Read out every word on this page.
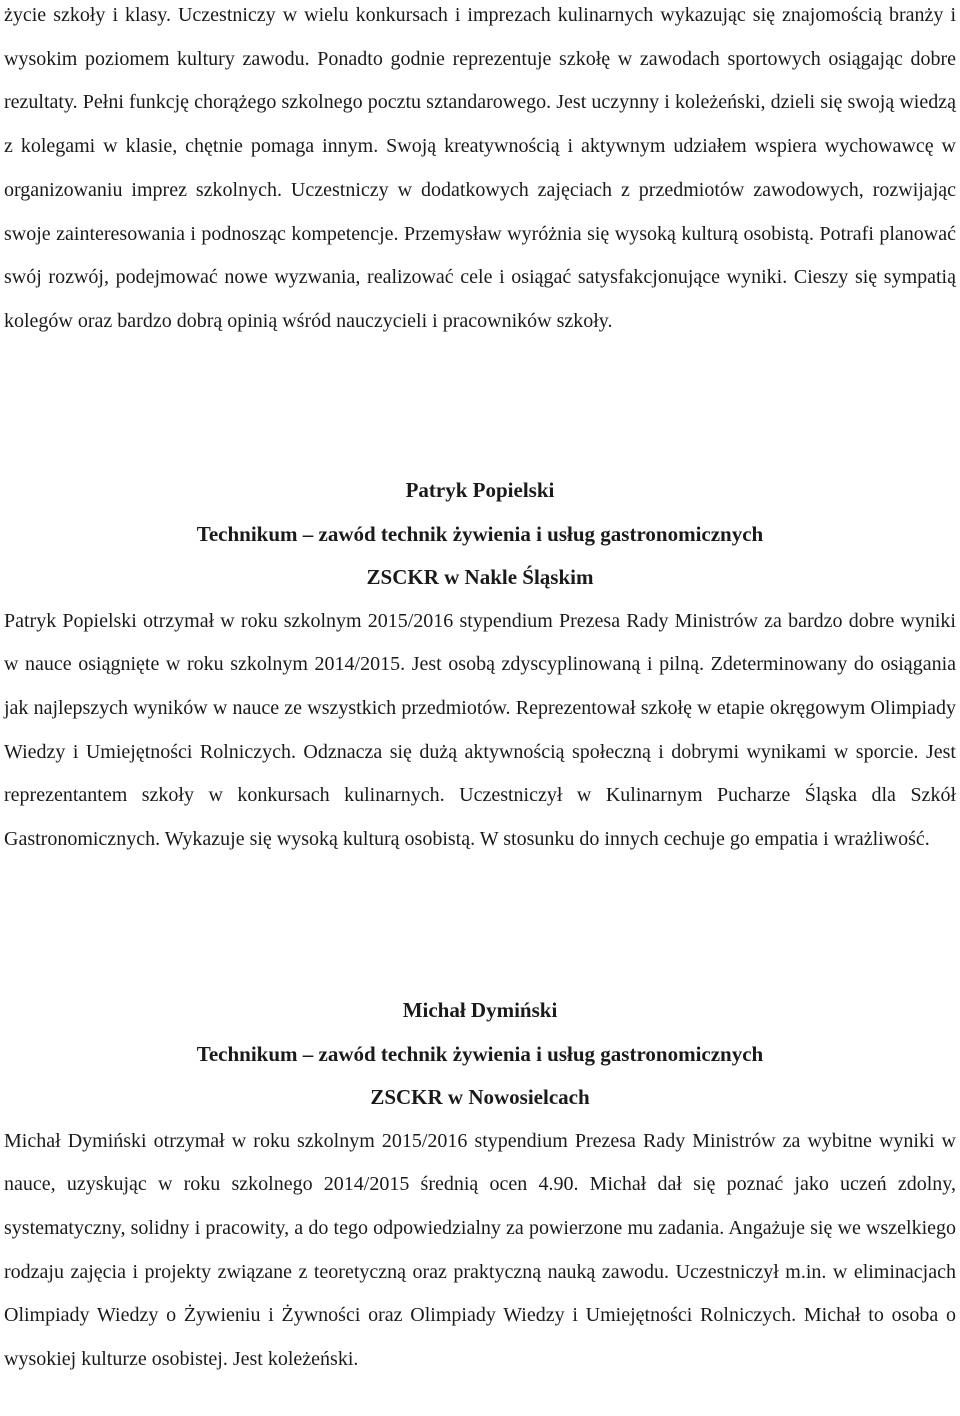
życie szkoły i klasy. Uczestniczy w wielu konkursach i imprezach kulinarnych wykazując się znajomością branży i wysokim poziomem kultury zawodu. Ponadto godnie reprezentuje szkołę w zawodach sportowych osiągając dobre rezultaty. Pełni funkcję chorążego szkolnego pocztu sztandarowego. Jest uczynny i koleżeński, dzieli się swoją wiedzą z kolegami w klasie, chętnie pomaga innym. Swoją kreatywnością i aktywnym udziałem wspiera wychowawcę w organizowaniu imprez szkolnych. Uczestniczy w dodatkowych zajęciach z przedmiotów zawodowych, rozwijając swoje zainteresowania i podnosząc kompetencje. Przemysław wyróżnia się wysoką kulturą osobistą. Potrafi planować swój rozwój, podejmować nowe wyzwania, realizować cele i osiągać satysfakcjonujące wyniki. Cieszy się sympatią kolegów oraz bardzo dobrą opinią wśród nauczycieli i pracowników szkoły.

Patryk Popielski
Technikum – zawód technik żywienia i usług gastronomicznych
ZSCKR w Nakle Śląskim

Patryk Popielski otrzymał w roku szkolnym 2015/2016 stypendium Prezesa Rady Ministrów za bardzo dobre wyniki w nauce osiągnięte w roku szkolnym 2014/2015. Jest osobą zdyscyplinowaną i pilną. Zdeterminowany do osiągania jak najlepszych wyników w nauce ze wszystkich przedmiotów. Reprezentował szkołę w etapie okręgowym Olimpiady Wiedzy i Umiejętności Rolniczych. Odznacza się dużą aktywnością społeczną i dobrymi wynikami w sporcie. Jest reprezentantem szkoły w konkursach kulinarnych. Uczestniczył w Kulinarnym Pucharze Śląska dla Szkół Gastronomicznych. Wykazuje się wysoką kulturą osobistą. W stosunku do innych cechuje go empatia i wrażliwość.

Michał Dymiński
Technikum – zawód technik żywienia i usług gastronomicznych
ZSCKR w Nowosielcach

Michał Dymiński otrzymał w roku szkolnym 2015/2016 stypendium Prezesa Rady Ministrów za wybitne wyniki w nauce, uzyskując w roku szkolnego 2014/2015 średnią ocen 4.90. Michał dał się poznać jako uczeń zdolny, systematyczny, solidny i pracowity, a do tego odpowiedzialny za powierzone mu zadania. Angażuje się we wszelkiego rodzaju zajęcia i projekty związane z teoretyczną oraz praktyczną nauką zawodu. Uczestniczył m.in. w eliminacjach Olimpiady Wiedzy o Żywieniu i Żywności oraz Olimpiady Wiedzy i Umiejętności Rolniczych. Michał to osoba o wysokiej kulturze osobistej. Jest koleżeński.
